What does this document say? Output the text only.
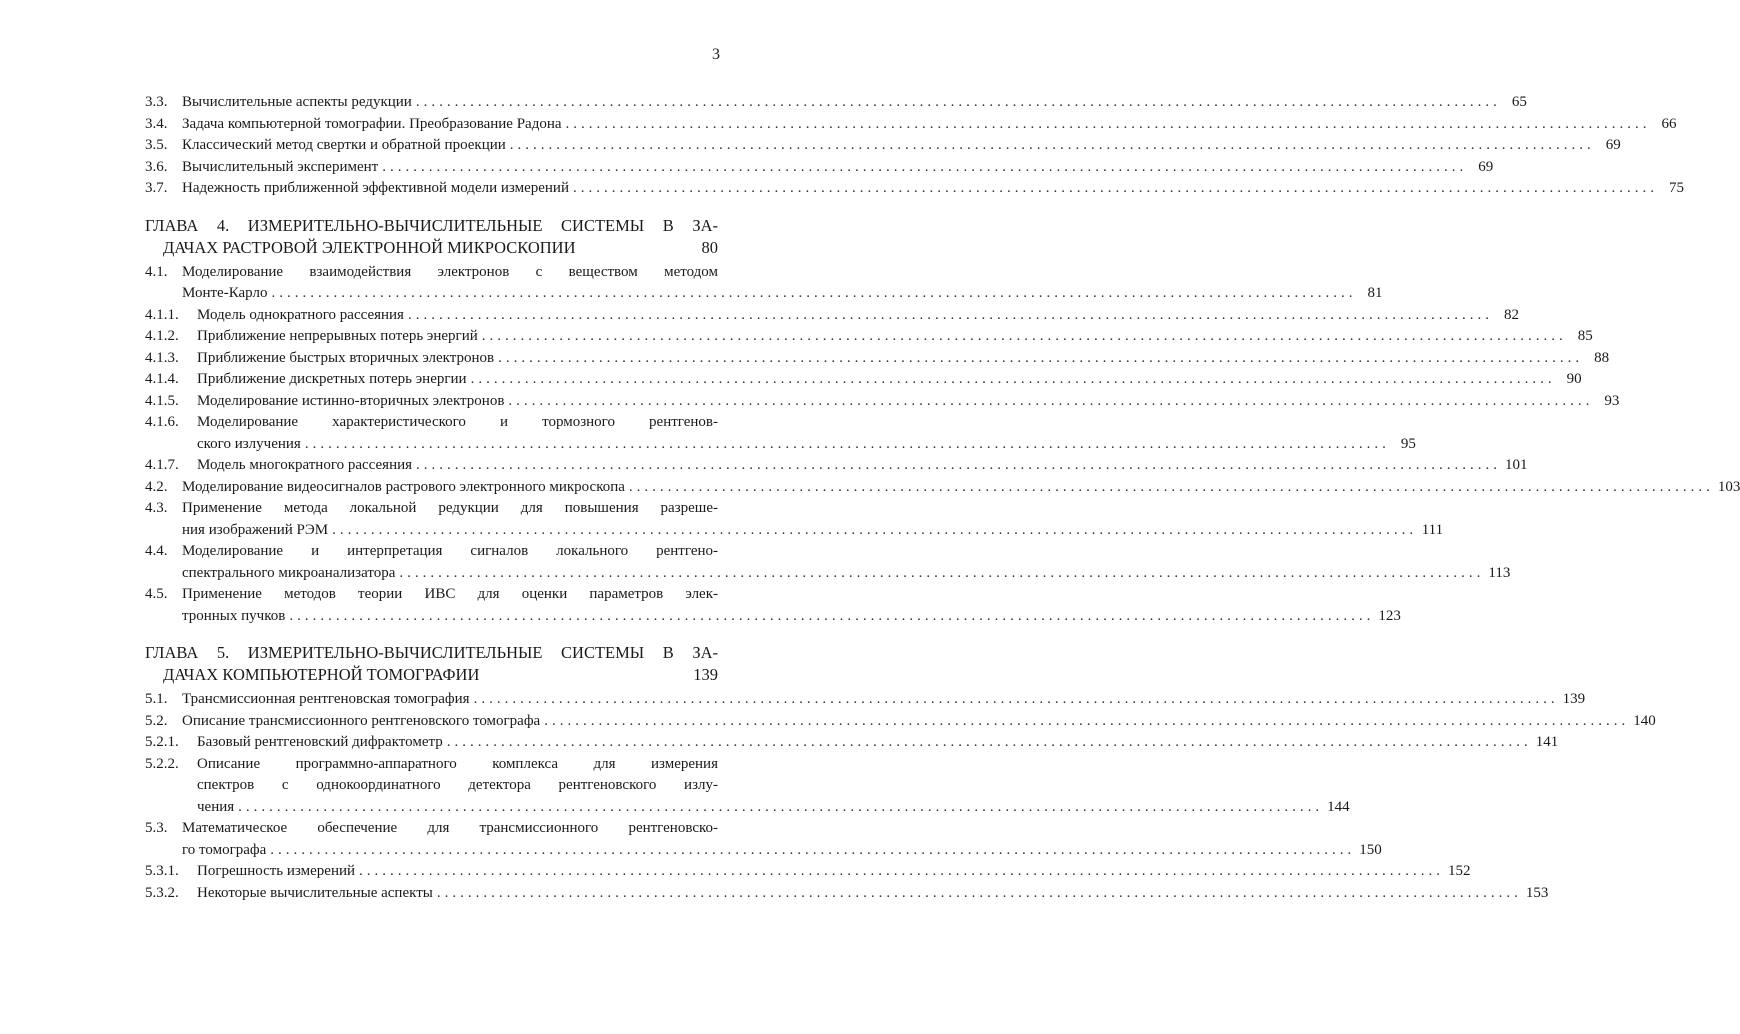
3
3.3. Вычислительные аспекты редукции ............................................................................................................................................ 65
3.4. Задача компьютерной томографии. Преобразование Радона ............................................................................................................................................ 66
3.5. Классический метод свертки и обратной проекции ............................................................................................................................................ 69
3.6. Вычислительный эксперимент ............................................................................................................................................ 69
3.7. Надежность приближенной эффективной модели измерений ............................................................................................................................................ 75
ГЛАВА 4. ИЗМЕРИТЕЛЬНО-ВЫЧИСЛИТЕЛЬНЫЕ СИСТЕМЫ В ЗА-
ДАЧАХ РАСТРОВОЙ ЭЛЕКТРОННОЙ МИКРОСКОПИИ	80
4.1. Моделирование взаимодействия электронов с веществом методом
Монте-Карло ............................................................................................................................................ 81
4.1.1. Модель однократного рассеяния ............................................................................................................................................ 82
4.1.2. Приближение непрерывных потерь энергий ............................................................................................................................................ 85
4.1.3. Приближение быстрых вторичных электронов ............................................................................................................................................ 88
4.1.4. Приближение дискретных потерь энергии ............................................................................................................................................ 90
4.1.5. Моделирование истинно-вторичных электронов ............................................................................................................................................ 93
4.1.6. Моделирование характеристического и тормозного рентгенов-
ского излучения ............................................................................................................................................ 95
4.1.7. Модель многократного рассеяния ............................................................................................................................................ 101
4.2. Моделирование видеосигналов растрового электронного микроскопа ............................................................................................................................................ 103
4.3. Применение метода локальной редукции для повышения разреше-
ния изображений РЭМ ............................................................................................................................................ 111
4.4. Моделирование и интерпретация сигналов локального рентгено-
спектрального микроанализатора ............................................................................................................................................ 113
4.5. Применение методов теории ИВС для оценки параметров элек-
тронных пучков ............................................................................................................................................ 123
ГЛАВА 5. ИЗМЕРИТЕЛЬНО-ВЫЧИСЛИТЕЛЬНЫЕ СИСТЕМЫ В ЗА-
ДАЧАХ КОМПЬЮТЕРНОЙ ТОМОГРАФИИ	139
5.1. Трансмиссионная рентгеновская томография ............................................................................................................................................ 139
5.2. Описание трансмиссионного рентгеновского томографа ............................................................................................................................................ 140
5.2.1. Базовый рентгеновский дифрактометр ............................................................................................................................................ 141
5.2.2. Описание программно-аппаратного комплекса для измерения
спектров с однокоординатного детектора рентгеновского излу-
чения ............................................................................................................................................ 144
5.3. Математическое обеспечение для трансмиссионного рентгеновско-
го томографа ............................................................................................................................................ 150
5.3.1. Погрешность измерений ............................................................................................................................................ 152
5.3.2. Некоторые вычислительные аспекты ............................................................................................................................................ 153
